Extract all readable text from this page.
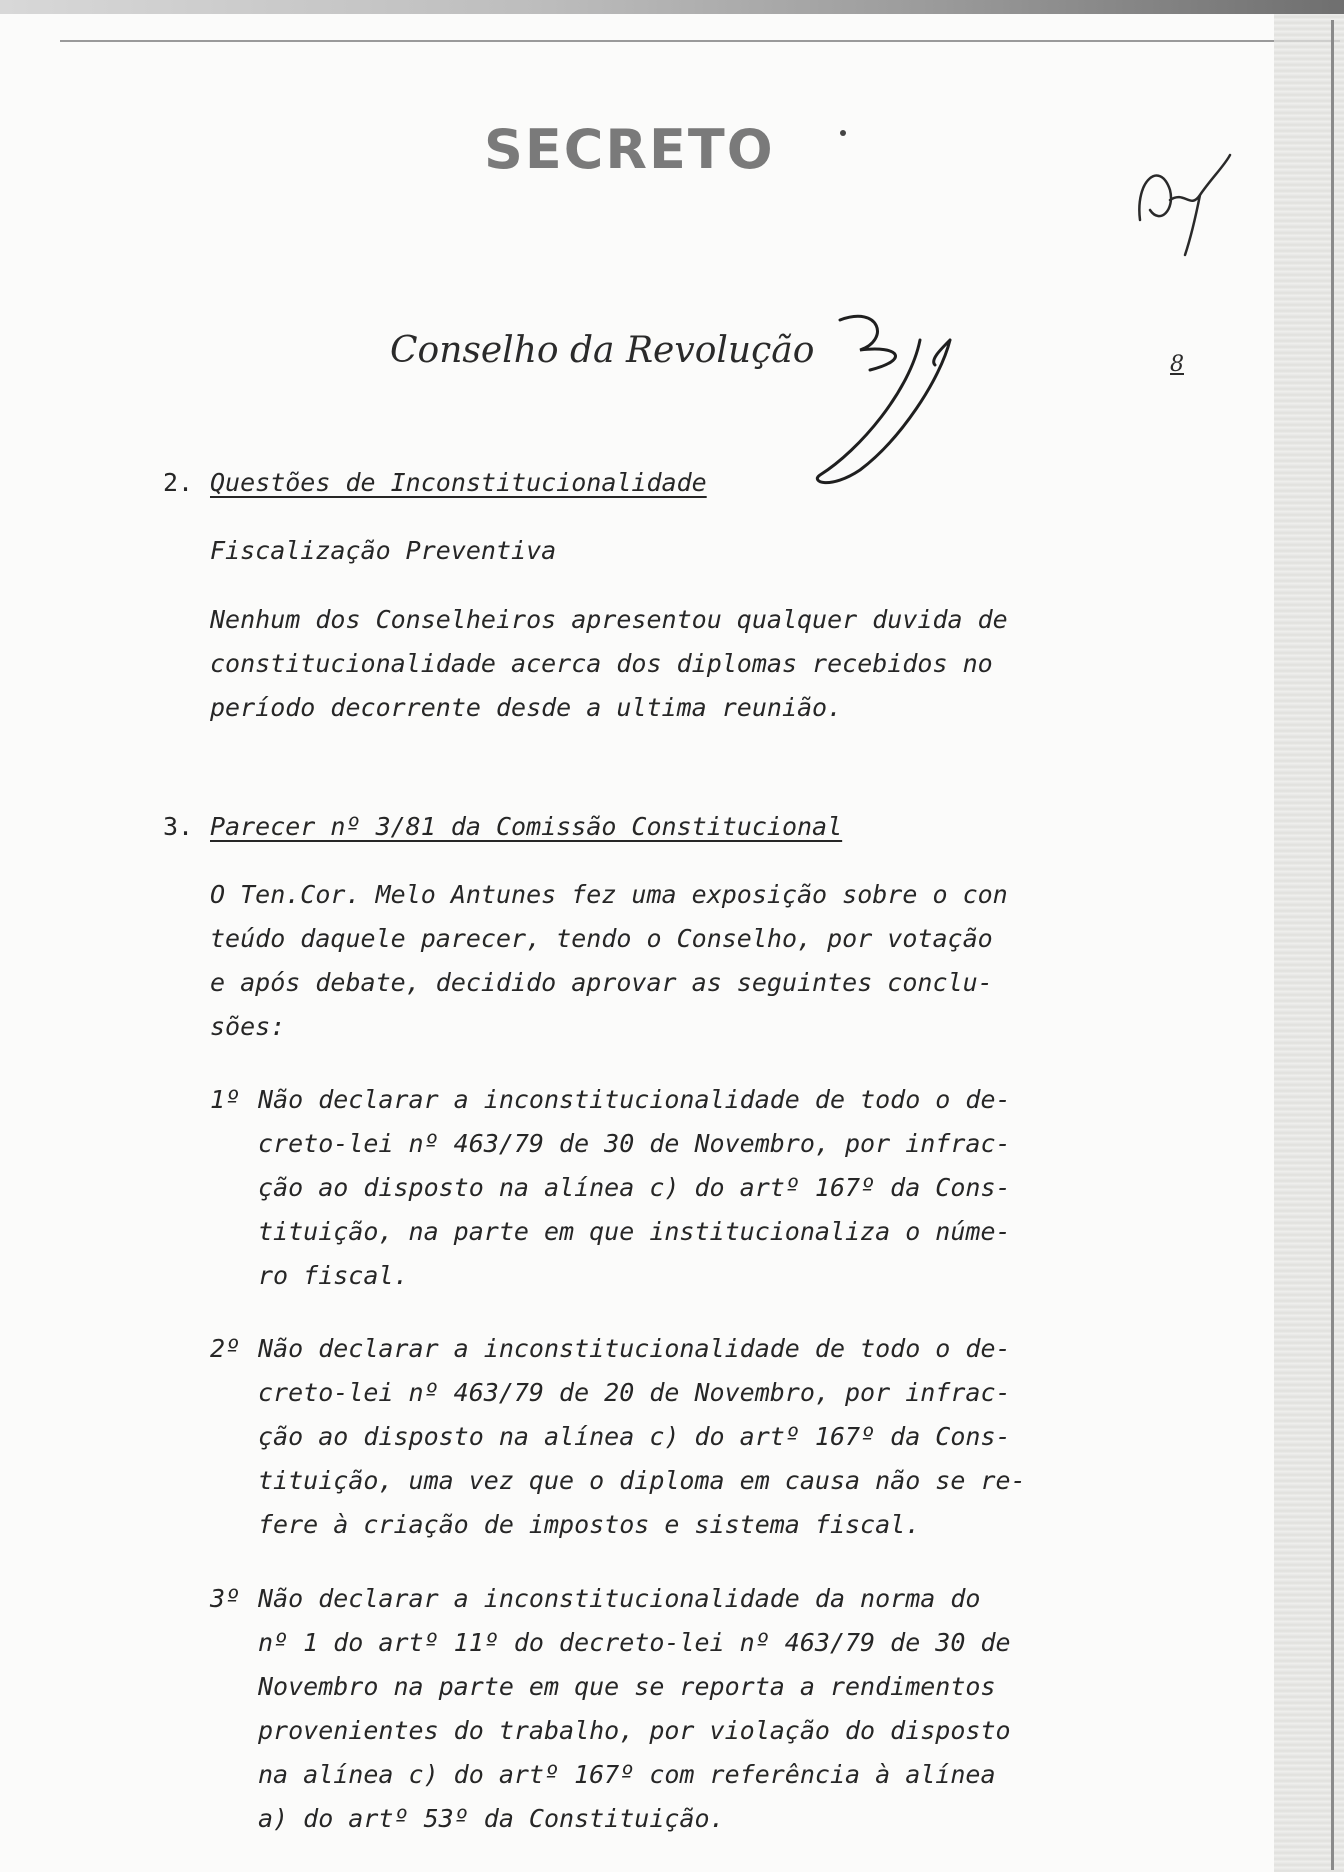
SECRETO
Conselho da Revolução	8
2. Questões de Inconstitucionalidade
Fiscalização Preventiva
Nenhum dos Conselheiros apresentou qualquer duvida de
constitucionalidade acerca dos diplomas recebidos no
período decorrente desde a ultima reunião.
3. Parecer nº 3/81 da Comissão Constitucional
O Ten.Cor. Melo Antunes fez uma exposição sobre o con
teúdo daquele parecer, tendo o Conselho, por votação
e após debate, decidido aprovar as seguintes conclu-
sões:
1º Não declarar a inconstitucionalidade de todo o de-
creto-lei nº 463/79 de 30 de Novembro, por infrac-
ção ao disposto na alínea c) do artº 167º da Cons-
tituição, na parte em que institucionaliza o núme-
ro fiscal.
2º Não declarar a inconstitucionalidade de todo o de-
creto-lei nº 463/79 de 20 de Novembro, por infrac-
ção ao disposto na alínea c) do artº 167º da Cons-
tituição, uma vez que o diploma em causa não se re-
fere à criação de impostos e sistema fiscal.
3º Não declarar a inconstitucionalidade da norma do
nº 1 do artº 11º do decreto-lei nº 463/79 de 30 de
Novembro na parte em que se reporta a rendimentos
provenientes do trabalho, por violação do disposto
na alínea c) do artº 167º com referência à alínea
a) do artº 53º da Constituição.
